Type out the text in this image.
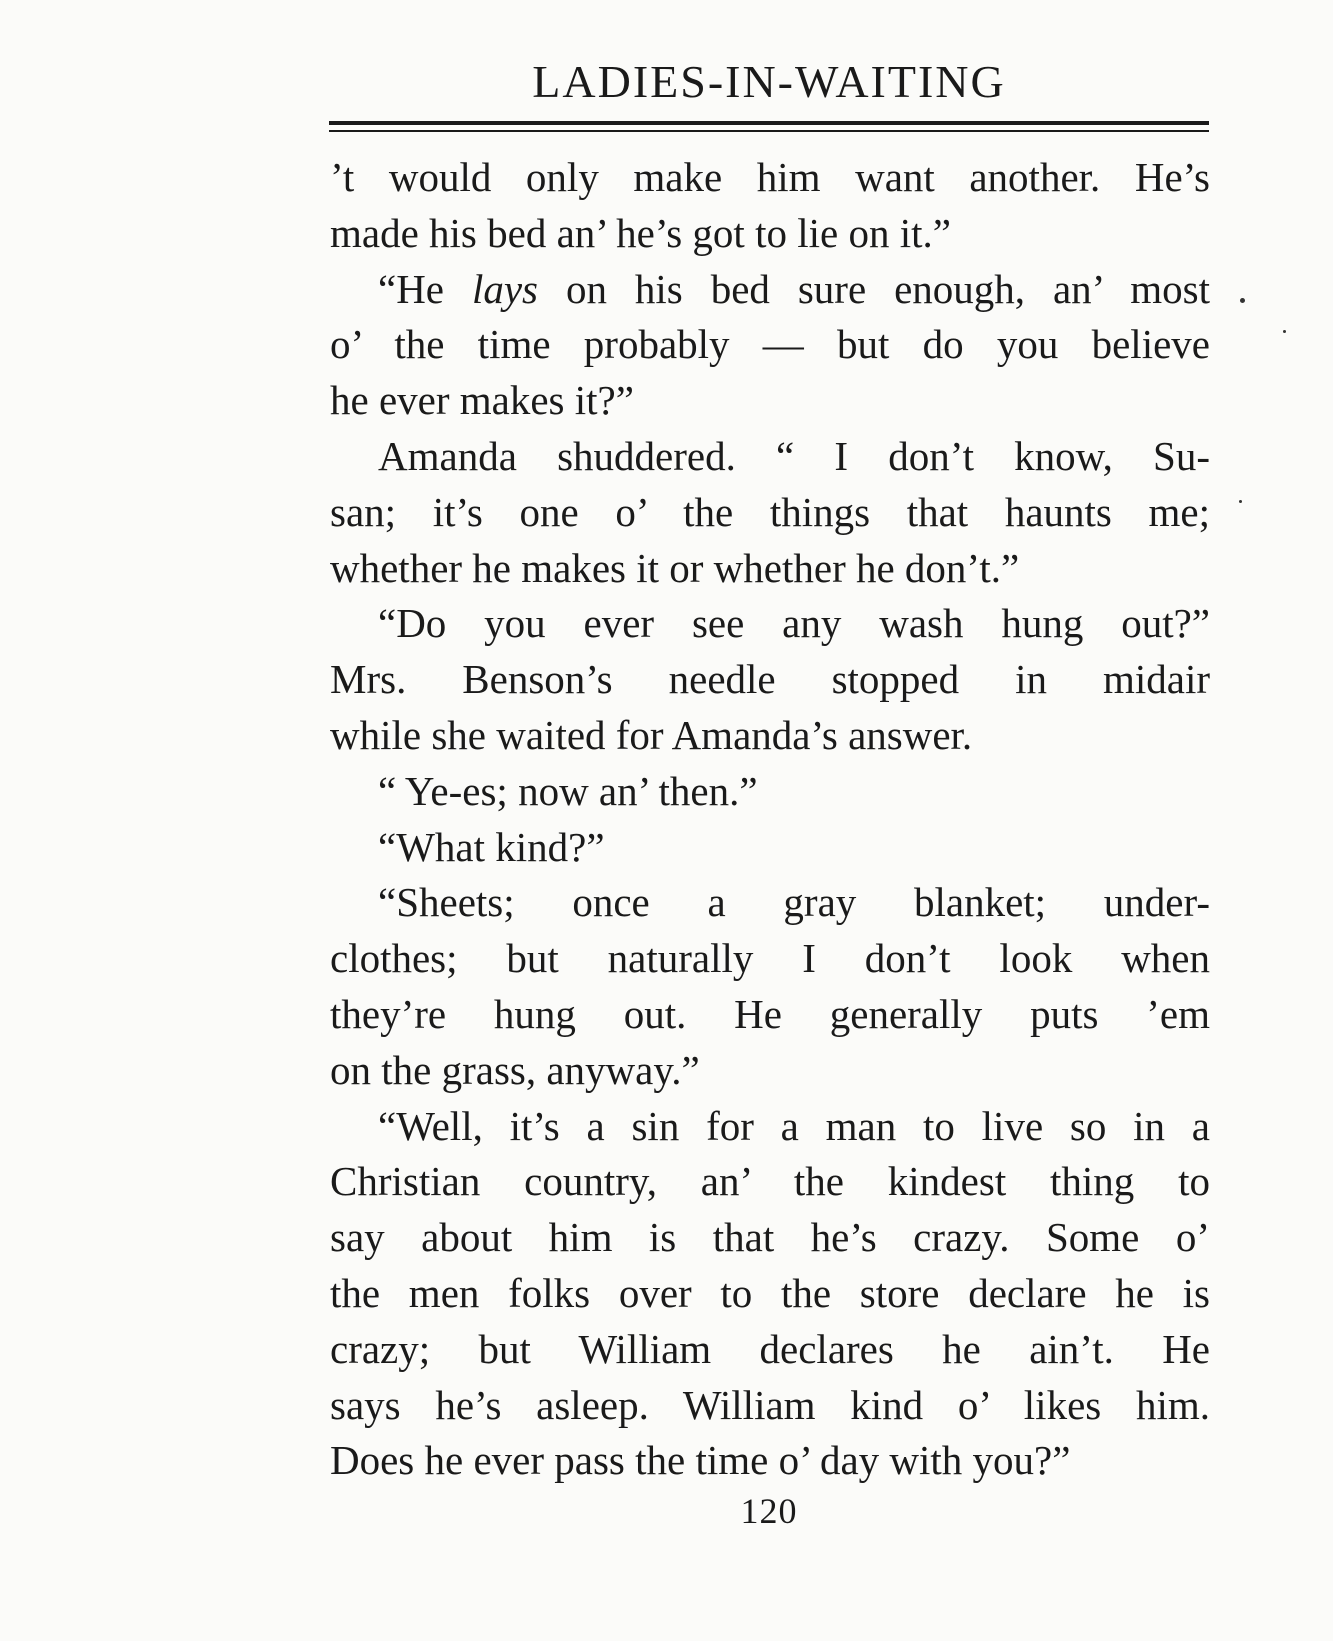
LADIES-IN-WAITING
’t would only make him want another. He’s
made his bed an’ he’s got to lie on it.”
“He lays on his bed sure enough, an’ most
o’ the time probably — but do you believe
he ever makes it?”
Amanda shuddered. “ I don’t know, Su-
san; it’s one o’ the things that haunts me;
whether he makes it or whether he don’t.”
“Do you ever see any wash hung out?”
Mrs. Benson’s needle stopped in midair
while she waited for Amanda’s answer.
“ Ye-es; now an’ then.”
“What kind?”
“Sheets; once a gray blanket; under-
clothes; but naturally I don’t look when
they’re hung out. He generally puts ’em
on the grass, anyway.”
“Well, it’s a sin for a man to live so in a
Christian country, an’ the kindest thing to
say about him is that he’s crazy. Some o’
the men folks over to the store declare he is
crazy; but William declares he ain’t. He
says he’s asleep. William kind o’ likes him.
Does he ever pass the time o’ day with you?”
120
